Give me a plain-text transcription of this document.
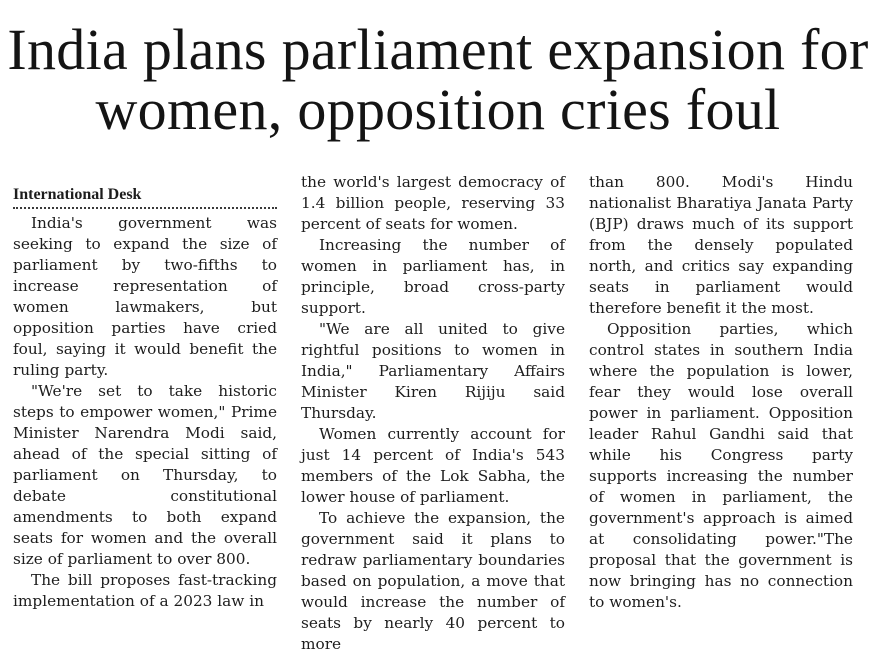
India plans parliament expansion for women, opposition cries foul
International Desk

India's government was seeking to expand the size of parliament by two-fifths to increase representation of women lawmakers, but opposition parties have cried foul, saying it would benefit the ruling party.

"We're set to take historic steps to empower women," Prime Minister Narendra Modi said, ahead of the special sitting of parliament on Thursday, to debate constitutional amendments to both expand seats for women and the overall size of parliament to over 800.

The bill proposes fast-tracking implementation of a 2023 law in

the world's largest democracy of 1.4 billion people, reserving 33 percent of seats for women.

Increasing the number of women in parliament has, in principle, broad cross-party support.

"We are all united to give rightful positions to women in India," Parliamentary Affairs Minister Kiren Rijiju said Thursday.

Women currently account for just 14 percent of India's 543 members of the Lok Sabha, the lower house of parliament.

To achieve the expansion, the government said it plans to redraw parliamentary boundaries based on population, a move that would increase the number of seats by nearly 40 percent to more

than 800. Modi's Hindu nationalist Bharatiya Janata Party (BJP) draws much of its support from the densely populated north, and critics say expanding seats in parliament would therefore benefit it the most.

Opposition parties, which control states in southern India where the population is lower, fear they would lose overall power in parliament. Opposition leader Rahul Gandhi said that while his Congress party supports increasing the number of women in parliament, the government's approach is aimed at consolidating power."The proposal that the government is now bringing has no connection to women's.
